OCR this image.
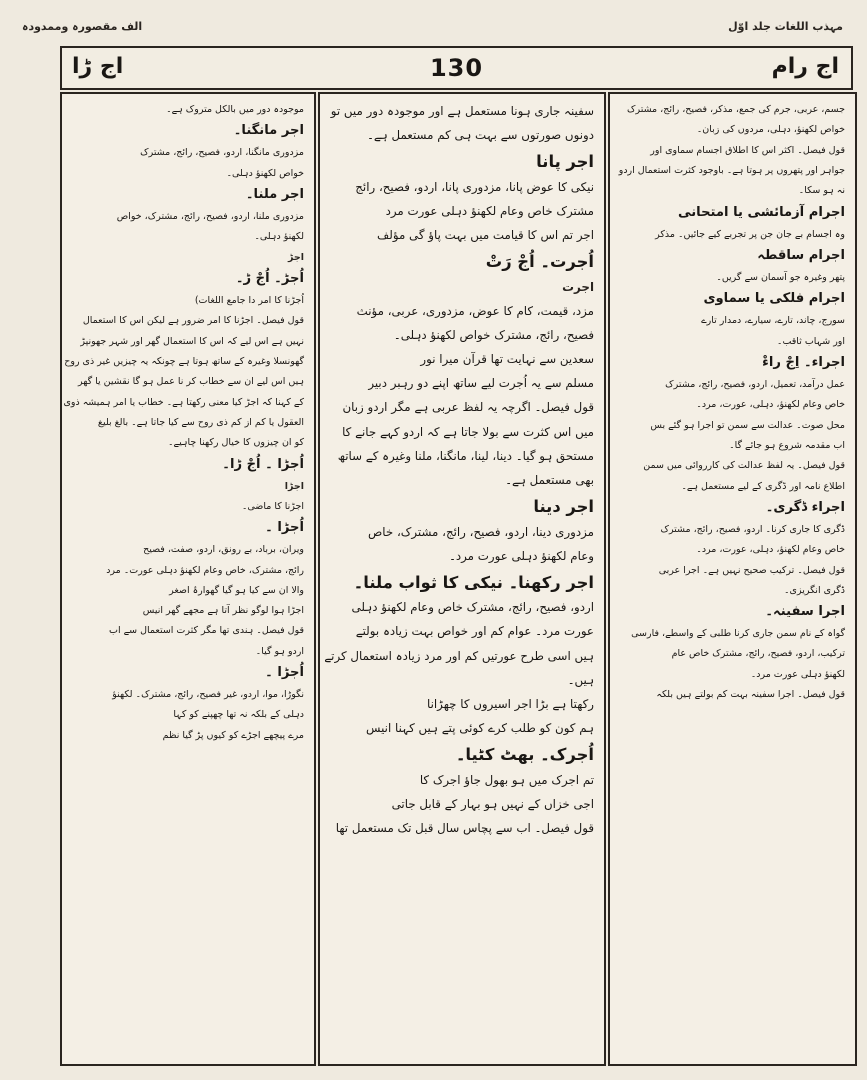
الف مقصورہ وممدودہ	مہذب اللغات جلد اوّل
اج ڑا	130	اج رام

جسم، عربی، جرم کی جمع، مذکر، فصیح، رائج، مشترک

خواص لکھنؤ، دہلی، مردوں کی زبان۔

قول فیصل۔ اکثر اس کا اطلاق اجسام سماوی اور

جواہر اور پتھروں پر ہوتا ہے۔ باوجود کثرت استعمال اردو

نہ ہو سکا۔

اجرام آزمائشی یا امتحانی

وہ اجسام بے جان جن پر تجربے کیے جائیں۔ مذکر

اجرام ساقطہ

پتھر وغیرہ جو آسمان سے گریں۔

اجرام فلکی یا سماوی

سورج، چاند، تارے، سیارے، دمدار تارے

اور شہاب ثاقب۔

اجراء۔ اِجْ راءْ

عمل درآمد، تعمیل، اردو، فصیح، رائج، مشترک

خاص وعام لکھنؤ، دہلی، عورت، مرد۔

محل صوت۔ عدالت سے سمن تو اجرا ہو گئے بس

اب مقدمہ شروع ہو جائے گا۔

قول فیصل۔ یہ لفظ عدالت کی کارروائی میں سمن

اطلاع نامہ اور ڈگری کے لیے مستعمل ہے۔

اجراء ڈگری۔

ڈگری کا جاری کرنا۔ اردو، فصیح، رائج، مشترک

خاص وعام لکھنؤ، دہلی، عورت، مرد۔

قول فیصل۔ ترکیب صحیح نہیں ہے۔ اجرا عربی

ڈگری انگریزی۔

اجرا سفینہ۔

گواہ کے نام سمن جاری کرنا طلبی کے واسطے، فارسی

ترکیب، اردو، فصیح، رائج، مشترک خاص عام

لکھنؤ دہلی عورت مرد۔

قول فیصل۔ اجرا سفینہ بہت کم بولتے ہیں بلکہ

سفینہ جاری ہونا مستعمل ہے اور موجودہ دور میں تو

دونوں صورتوں سے بہت ہی کم مستعمل ہے۔

اجر پانا

نیکی کا عوض پانا، مزدوری پانا، اردو، فصیح، رائج

مشترک خاص وعام لکھنؤ دہلی عورت مرد

اجر تم اس کا قیامت میں بہت پاؤ گی مؤلف

اُجرت۔ اُجْ رَتْ

اجرت

مزد، قیمت، کام کا عوض، مزدوری، عربی، مؤنث

فصیح، رائج، مشترک خواص لکھنؤ دہلی۔

سعدین سے نہایت تھا قرآن میرا نور

مسلم سے یہ اُجرت لیے ساتھ اپنے دو رہبر دبیر

قول فیصل۔ اگرچہ یہ لفظ عربی ہے مگر اردو زبان

میں اس کثرت سے بولا جاتا ہے کہ اردو کہے جانے کا

مستحق ہو گیا۔ دینا، لینا، مانگنا، ملنا وغیرہ کے ساتھ

بھی مستعمل ہے۔

اجر دینا

مزدوری دینا، اردو، فصیح، رائج، مشترک، خاص

وعام لکھنؤ دہلی عورت مرد۔

اجر رکھنا۔ نیکی کا ثواب ملنا۔

اردو، فصیح، رائج، مشترک خاص وعام لکھنؤ دہلی

عورت مرد۔ عوام کم اور خواص بہت زیادہ بولتے

ہیں اسی طرح عورتیں کم اور مرد زیادہ استعمال کرتے

ہیں۔

رکھتا ہے بڑا اجر اسیروں کا چھڑانا

ہم کون کو طلب کرے کوئی پتے ہیں کہنا انیس

اُجرک۔ بھٹ کٹیا۔

تم اجرک میں ہو بھول جاؤ اجرک کا

اجی خزاں کے نہیں ہو بہار کے قابل جاتی

قول فیصل۔ اب سے پچاس سال قبل تک مستعمل تھا

موجودہ دور میں بالکل متروک ہے۔

اجر مانگنا۔

مزدوری مانگنا، اردو، فصیح، رائج، مشترک

خواص لکھنؤ دہلی۔

اجر ملنا۔

مزدوری ملنا، اردو، فصیح، رائج، مشترک، خواص

لکھنؤ دہلی۔

اجڑ

اُجڑ۔ اُجْ ڑ۔

اُجڑنا کا امر دا جامع اللغات)

قول فیصل۔ اجڑنا کا امر ضرور ہے لیکن اس کا استعمال

نہیں ہے اس لیے کہ اس کا استعمال گھر اور شہر جھونپڑ

گھونسلا وغیرہ کے ساتھ ہوتا ہے چونکہ یہ چیزیں غیر ذی روح

ہیں اس لیے ان سے خطاب کر نا عمل ہو گا نقشین یا گھر

کے کہنا کہ اجڑ کیا معنی رکھتا ہے۔ خطاب یا امر ہمیشہ ذوی

العقول یا کم از کم ذی روح سے کیا جاتا ہے۔ بالغ بلیغ

کو ان چیزوں کا خیال رکھنا چاہیے۔

اُجڑا ۔ اُجْ ڑا۔

اجڑا

اجڑنا کا ماضی۔

اُجڑا ۔

ویران، برباد، بے رونق، اردو، صفت، فصیح

رائج، مشترک، خاص وعام لکھنؤ دہلی عورت۔ مرد

والا ان سے کیا ہو گیا گھوارۂ اصغر

اجڑا ہوا لوگو نظر آتا ہے مجھے گھر انیس

قول فیصل۔ ہندی تھا مگر کثرت استعمال سے اب

اردو ہو گیا۔

اُجڑا ۔

نگوڑا، موا، اردو، غیر فصیح، رائج، مشترک۔ لکھنؤ

دہلی کے بلکہ نہ تھا چھپنے کو کہا

مرے پیچھے اجڑے کو کیوں پڑ گیا نظم
